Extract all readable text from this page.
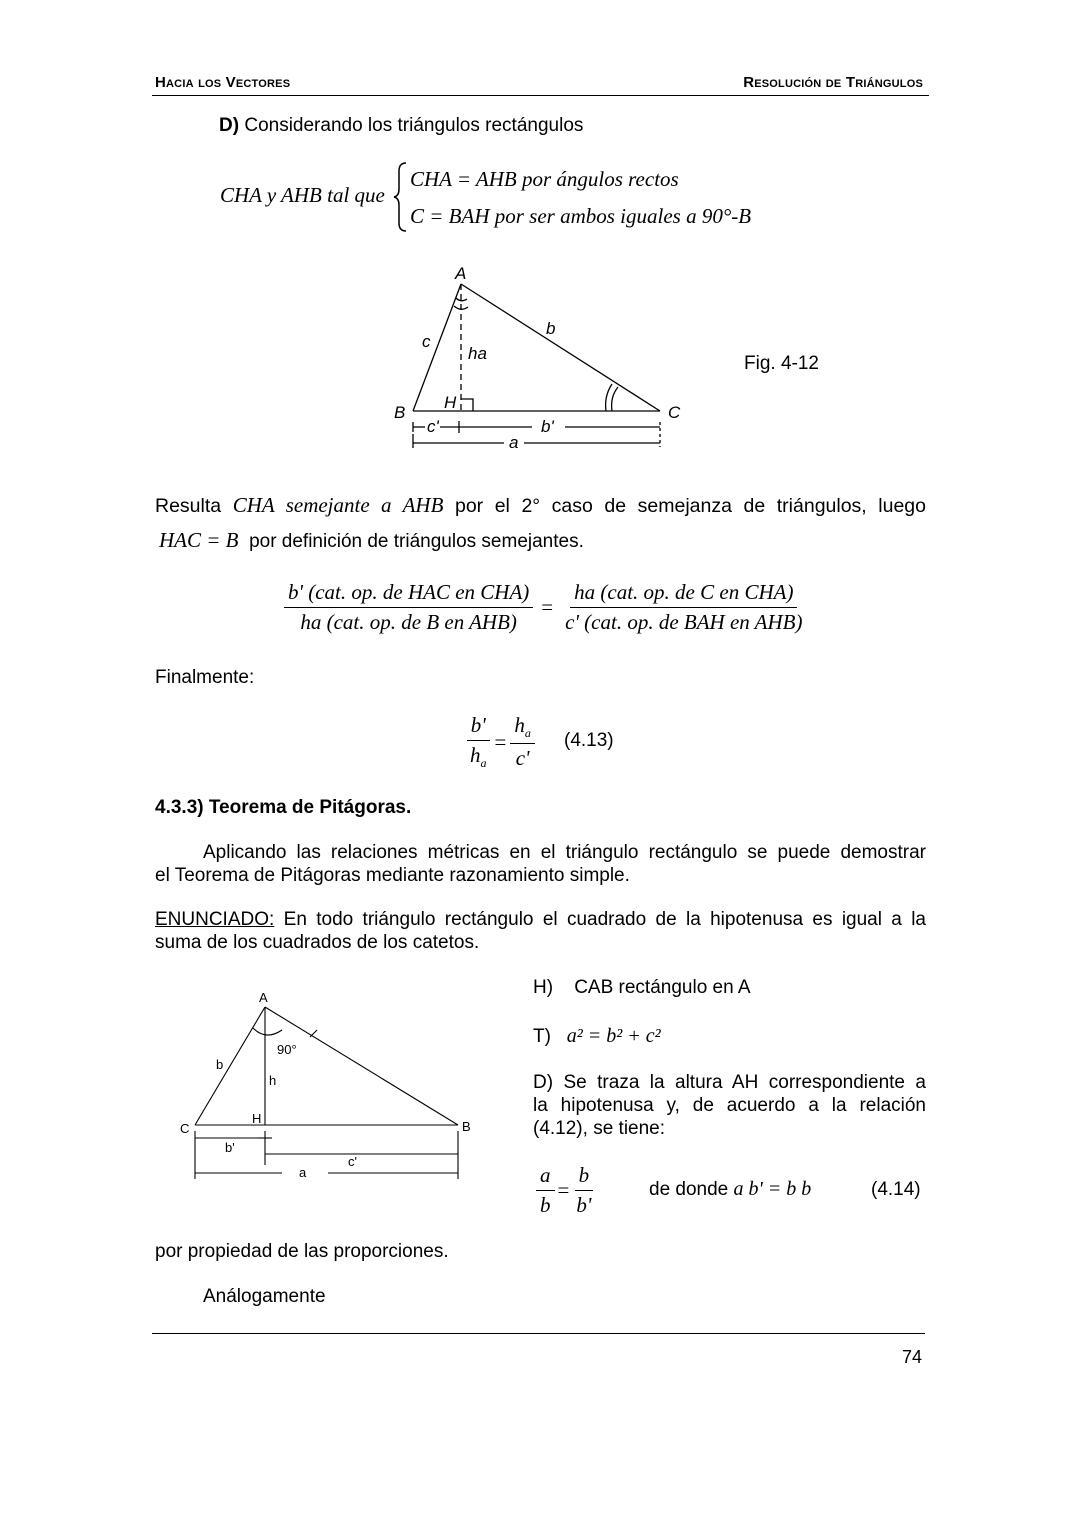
Hacia los Vectores	Resolución de Triángulos
D) Considerando los triángulos rectángulos
CHA y AHB tal que
CHA = AHB por ángulos rectos
C = BAH por ser ambos iguales a 90°-B
A
B	C
H
b
c
ha
c'	b'
a
Fig. 4-12
Resulta CHA semejante a AHB por el 2° caso de semejanza de triángulos, luego
HAC = B por definición de triángulos semejantes.
$\frac{\text{b' (cat. op. de HAC en CHA)}}{\text{ha (cat. op. de B en AHB)}} = \frac{\text{ha (cat. op. de C en CHA)}}{\text{c' (cat. op. de BAH en AHB)}}$
Finalmente:
$\frac{b'}{h_a} = \frac{h_a}{c'} (4.13)$
4.3.3) Teorema de Pitágoras.
Aplicando las relaciones métricas en el triángulo rectángulo se puede demostrar
el Teorema de Pitágoras mediante razonamiento simple.
ENUNCIADO: En todo triángulo rectángulo el cuadrado de la hipotenusa es igual a la
suma de los cuadrados de los catetos.
A
B
C
H
b
h
90°
b'
c'
a
H) CAB rectángulo en A
T) a² = b² + c²
D) Se traza la altura AH correspondiente a
la hipotenusa y, de acuerdo a la relación
(4.12), se tiene:
$\frac{a}{b} = \frac{b}{b'}$	de donde a b' = b b	(4.14)
por propiedad de las proporciones.
Análogamente
74
